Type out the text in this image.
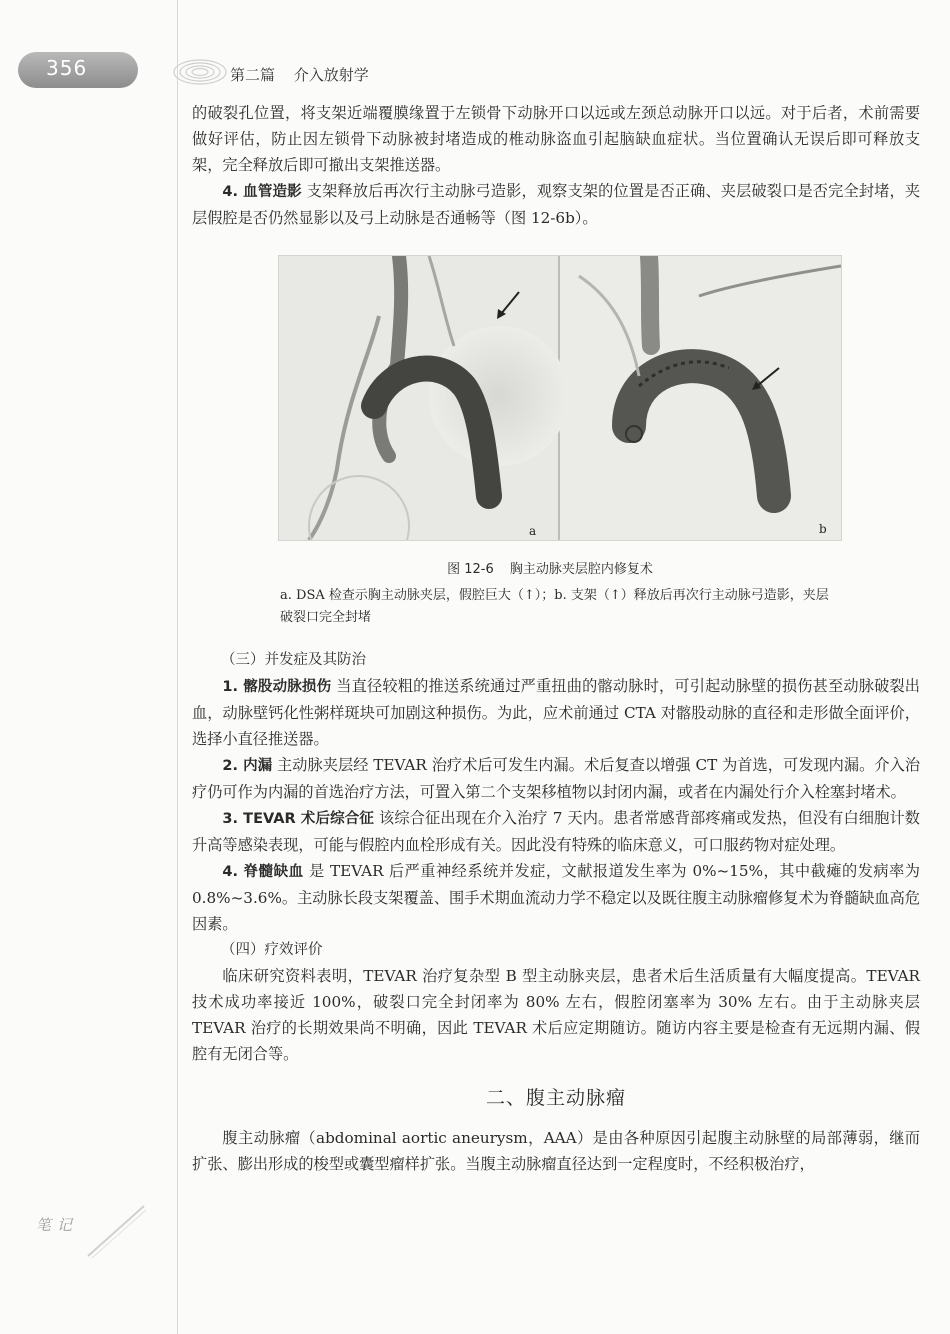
356	第二篇 介入放射学

的破裂孔位置，将支架近端覆膜缘置于左锁骨下动脉开口以远或左颈总动脉开口以远。对于后者，术前需要做好评估，防止因左锁骨下动脉被封堵造成的椎动脉盗血引起脑缺血症状。当位置确认无误后即可释放支架，完全释放后即可撤出支架推送器。

4. 血管造影 支架释放后再次行主动脉弓造影，观察支架的位置是否正确、夹层破裂口是否完全封堵，夹层假腔是否仍然显影以及弓上动脉是否通畅等（图 12-6b）。

a	b
图 12-6 胸主动脉夹层腔内修复术
a. DSA 检查示胸主动脉夹层，假腔巨大（↑）；b. 支架（↑）释放后再次行主动脉弓造影，夹层破裂口完全封堵

（三）并发症及其防治

1. 髂股动脉损伤 当直径较粗的推送系统通过严重扭曲的髂动脉时，可引起动脉壁的损伤甚至动脉破裂出血，动脉壁钙化性粥样斑块可加剧这种损伤。为此，应术前通过 CTA 对髂股动脉的直径和走形做全面评价，选择小直径推送器。

2. 内漏 主动脉夹层经 TEVAR 治疗术后可发生内漏。术后复查以增强 CT 为首选，可发现内漏。介入治疗仍可作为内漏的首选治疗方法，可置入第二个支架移植物以封闭内漏，或者在内漏处行介入栓塞封堵术。

3. TEVAR 术后综合征 该综合征出现在介入治疗 7 天内。患者常感背部疼痛或发热，但没有白细胞计数升高等感染表现，可能与假腔内血栓形成有关。因此没有特殊的临床意义，可口服药物对症处理。

4. 脊髓缺血 是 TEVAR 后严重神经系统并发症，文献报道发生率为 0%~15%，其中截瘫的发病率为 0.8%~3.6%。主动脉长段支架覆盖、围手术期血流动力学不稳定以及既往腹主动脉瘤修复术为脊髓缺血高危因素。

（四）疗效评价

临床研究资料表明，TEVAR 治疗复杂型 B 型主动脉夹层，患者术后生活质量有大幅度提高。TEVAR 技术成功率接近 100%，破裂口完全封闭率为 80% 左右，假腔闭塞率为 30% 左右。由于主动脉夹层 TEVAR 治疗的长期效果尚不明确，因此 TEVAR 术后应定期随访。随访内容主要是检查有无远期内漏、假腔有无闭合等。

二、腹主动脉瘤

腹主动脉瘤（abdominal aortic aneurysm，AAA）是由各种原因引起腹主动脉壁的局部薄弱，继而扩张、膨出形成的梭型或囊型瘤样扩张。当腹主动脉瘤直径达到一定程度时，不经积极治疗，

笔记
